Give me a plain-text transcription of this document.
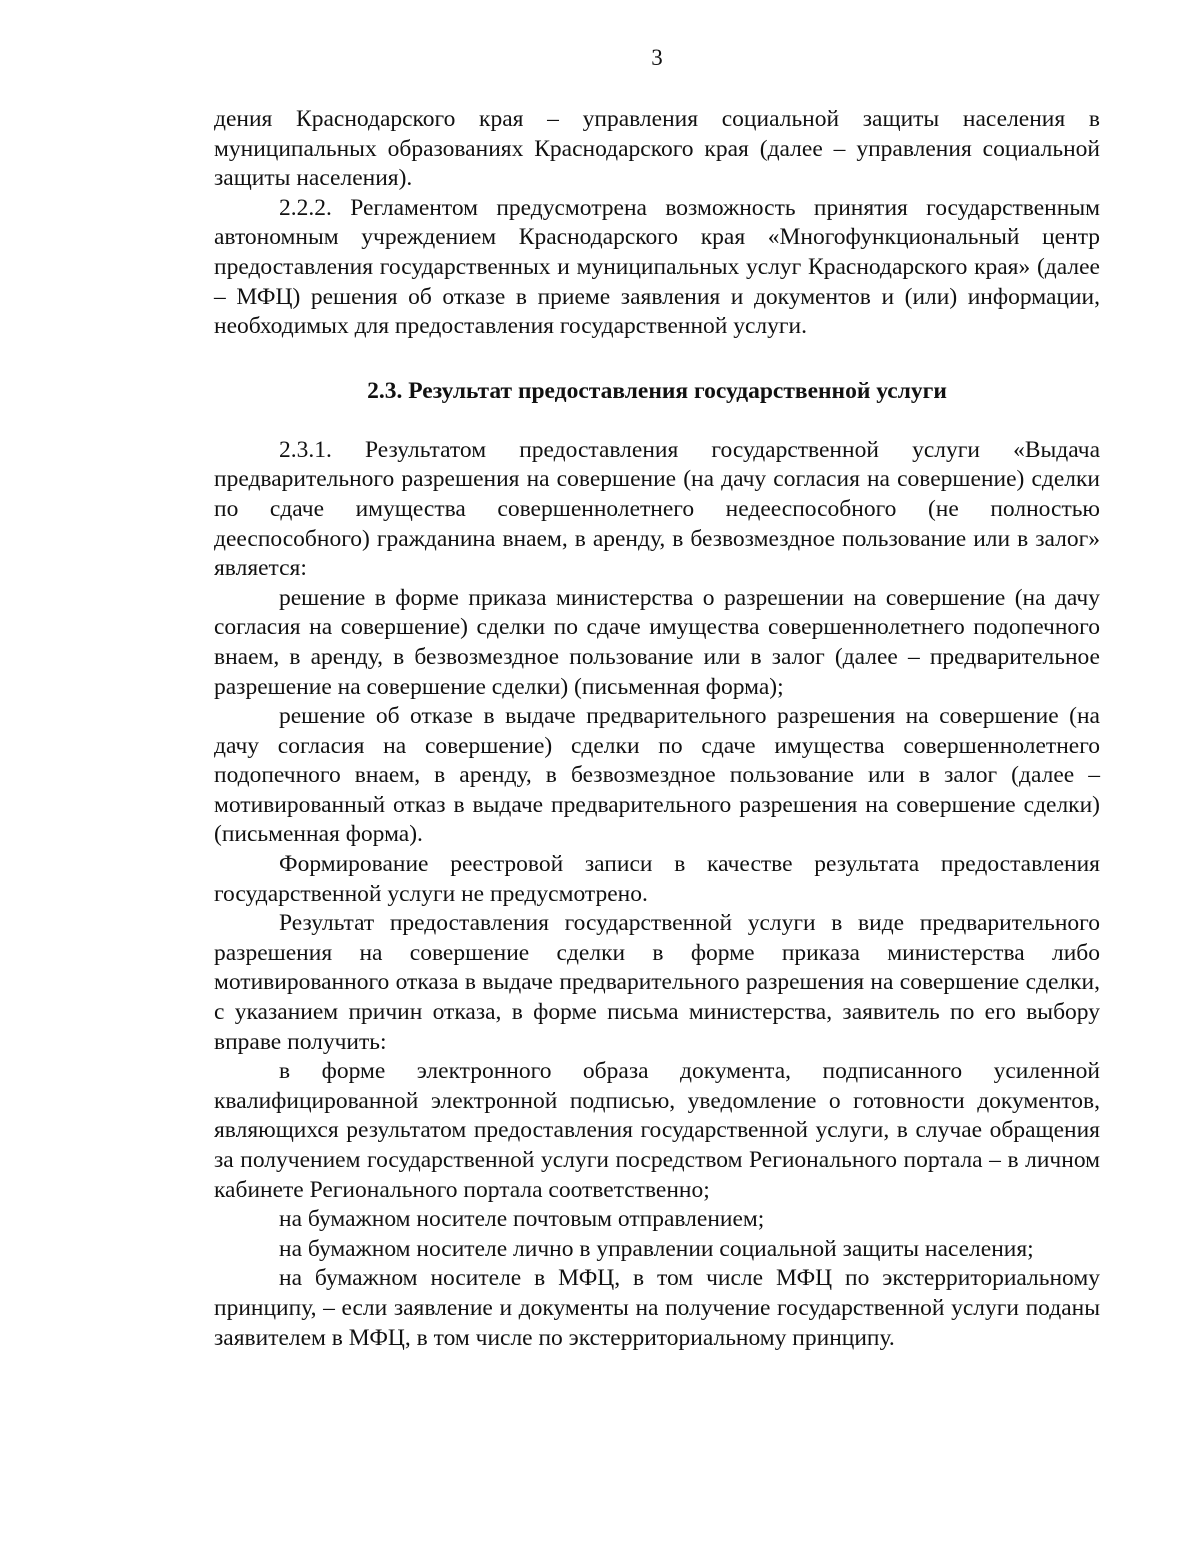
3

дения Краснодарского края – управления социальной защиты населения в муниципальных образованиях Краснодарского края (далее – управления социальной защиты населения).

2.2.2. Регламентом предусмотрена возможность принятия государственным автономным учреждением Краснодарского края «Многофункциональный центр предоставления государственных и муниципальных услуг Краснодарского края» (далее – МФЦ) решения об отказе в приеме заявления и документов и (или) информации, необходимых для предоставления государственной услуги.

2.3. Результат предоставления государственной услуги

2.3.1. Результатом предоставления государственной услуги «Выдача предварительного разрешения на совершение (на дачу согласия на совершение) сделки по сдаче имущества совершеннолетнего недееспособного (не полностью дееспособного) гражданина внаем, в аренду, в безвозмездное пользование или в залог» является:

решение в форме приказа министерства о разрешении на совершение (на дачу согласия на совершение) сделки по сдаче имущества совершеннолетнего подопечного внаем, в аренду, в безвозмездное пользование или в залог (далее – предварительное разрешение на совершение сделки) (письменная форма);

решение об отказе в выдаче предварительного разрешения на совершение (на дачу согласия на совершение) сделки по сдаче имущества совершеннолетнего подопечного внаем, в аренду, в безвозмездное пользование или в залог (далее – мотивированный отказ в выдаче предварительного разрешения на совершение сделки) (письменная форма).

Формирование реестровой записи в качестве результата предоставления государственной услуги не предусмотрено.

Результат предоставления государственной услуги в виде предварительного разрешения на совершение сделки в форме приказа министерства либо мотивированного отказа в выдаче предварительного разрешения на совершение сделки, с указанием причин отказа, в форме письма министерства, заявитель по его выбору вправе получить:

в форме электронного образа документа, подписанного усиленной квалифицированной электронной подписью, уведомление о готовности документов, являющихся результатом предоставления государственной услуги, в случае обращения за получением государственной услуги посредством Регионального портала – в личном кабинете Регионального портала соответственно;

на бумажном носителе почтовым отправлением;

на бумажном носителе лично в управлении социальной защиты населения;

на бумажном носителе в МФЦ, в том числе МФЦ по экстерриториальному принципу, – если заявление и документы на получение государственной услуги поданы заявителем в МФЦ, в том числе по экстерриториальному принципу.
